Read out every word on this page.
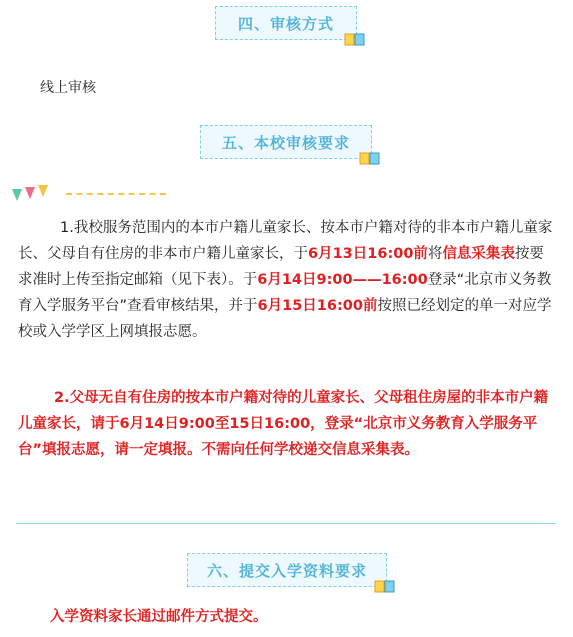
四、审核方式
线上审核
五、本校审核要求

1.我校服务范围内的本市户籍儿童家长、按本市户籍对待的非本市户籍儿童家长、父母自有住房的非本市户籍儿童家长，于6月13日16:00前将信息采集表按要求准时上传至指定邮箱（见下表）。于6月14日9:00——16:00登录“北京市义务教育入学服务平台”查看审核结果，并于6月15日16:00前按照已经划定的单一对应学校或入学学区上网填报志愿。

2.父母无自有住房的按本市户籍对待的儿童家长、父母租住房屋的非本市户籍儿童家长，请于6月14日9:00至15日16:00，登录“北京市义务教育入学服务平台”填报志愿，请一定填报。不需向任何学校递交信息采集表。

六、提交入学资料要求
入学资料家长通过邮件方式提交。
